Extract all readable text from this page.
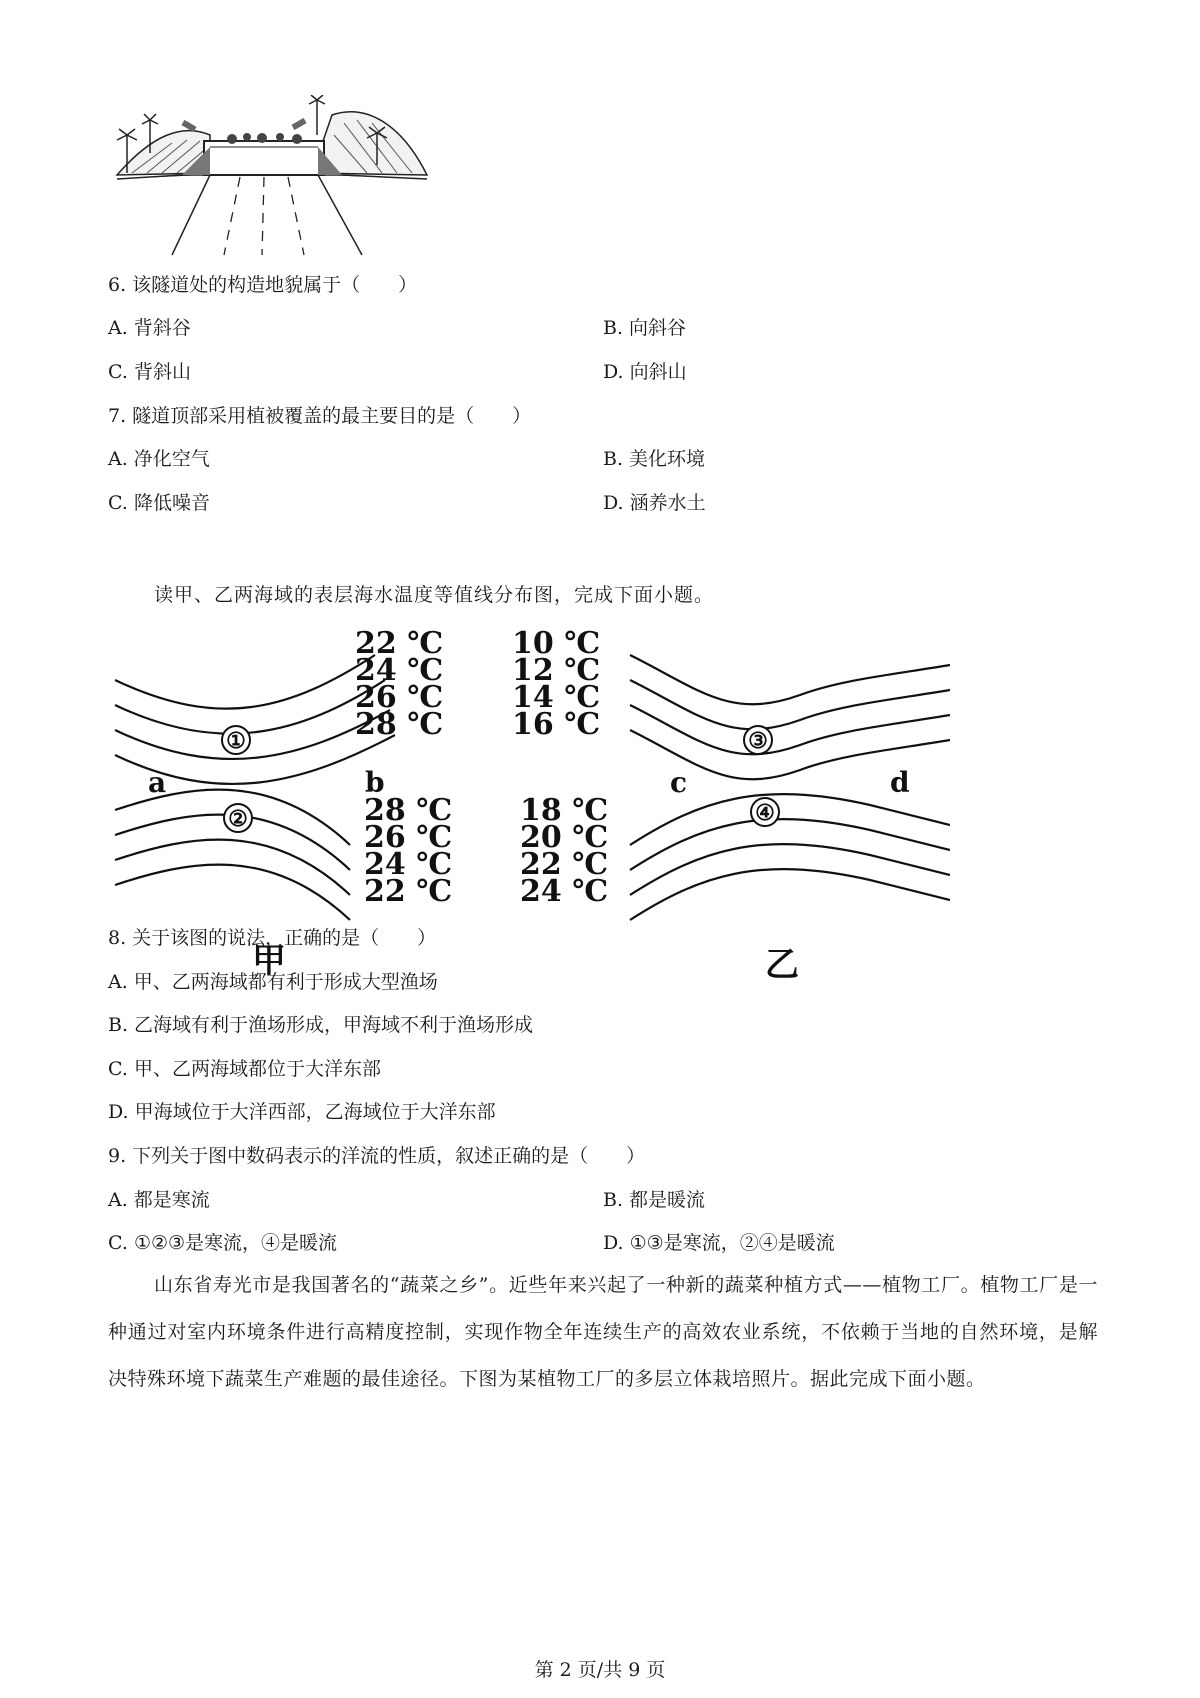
6. 该隧道处的构造地貌属于（　　）
A. 背斜谷	B. 向斜谷
C. 背斜山	D. 向斜山
7. 隧道顶部采用植被覆盖的最主要目的是（　　）
A. 净化空气	B. 美化环境
C. 降低噪音	D. 涵养水土
读甲、乙两海域的表层海水温度等值线分布图，完成下面小题。
①
②
③
④
22 ℃
24 ℃
26 ℃
28 ℃
28 ℃
26 ℃
24 ℃
22 ℃
10 ℃
12 ℃
14 ℃
16 ℃
18 ℃
20 ℃
22 ℃
24 ℃
a	b	c	d
甲	乙
8. 关于该图的说法，正确的是（　　）
A. 甲、乙两海域都有利于形成大型渔场
B. 乙海域有利于渔场形成，甲海域不利于渔场形成
C. 甲、乙两海域都位于大洋东部
D. 甲海域位于大洋西部，乙海域位于大洋东部
9. 下列关于图中数码表示的洋流的性质，叙述正确的是（　　）
A. 都是寒流	B. 都是暖流
C. ①②③是寒流，④是暖流	D. ①③是寒流，②④是暖流
山东省寿光市是我国著名的“蔬菜之乡”。近些年来兴起了一种新的蔬菜种植方式——植物工厂。植物工厂是一种通过对室内环境条件进行高精度控制，实现作物全年连续生产的高效农业系统，不依赖于当地的自然环境，是解决特殊环境下蔬菜生产难题的最佳途径。下图为某植物工厂的多层立体栽培照片。据此完成下面小题。
第 2 页/共 9 页
